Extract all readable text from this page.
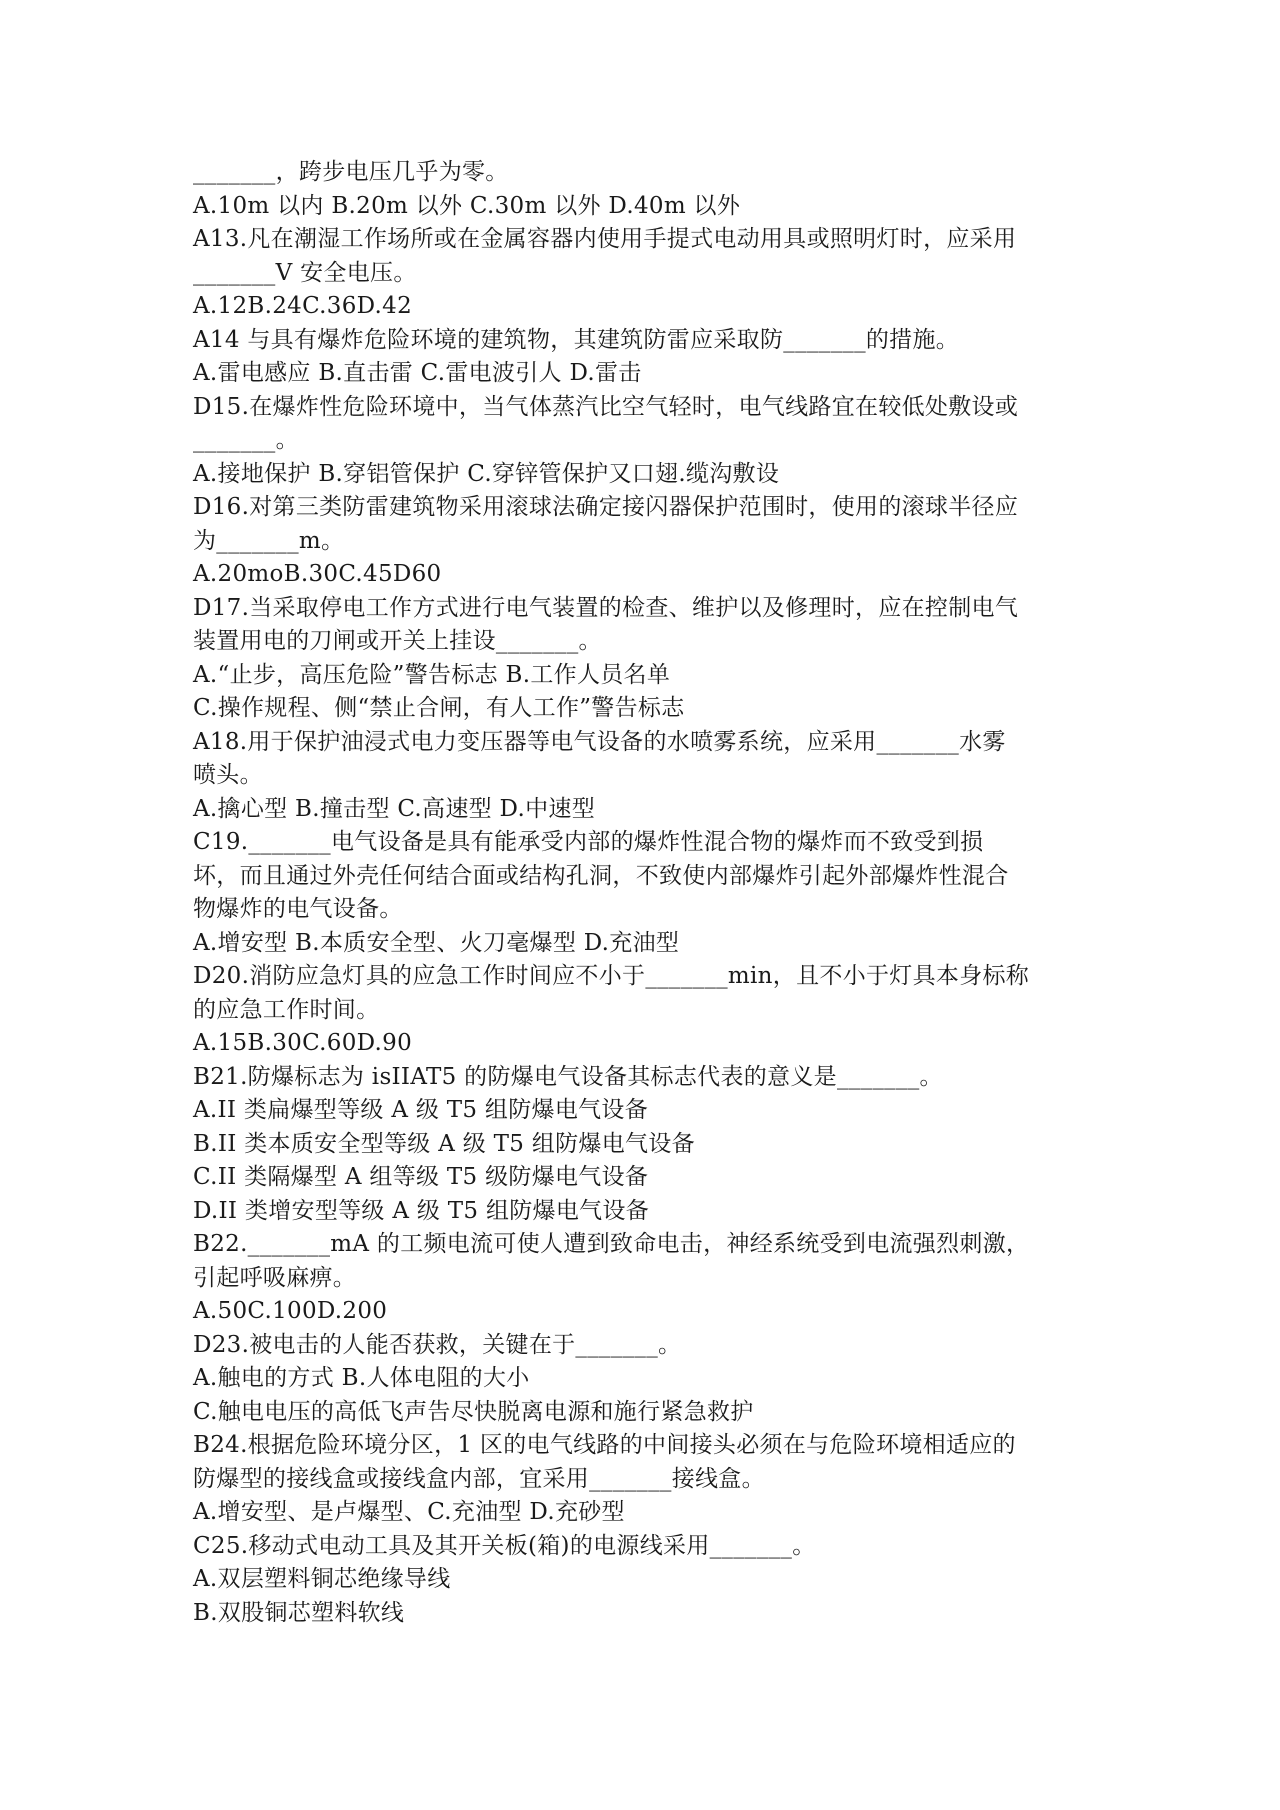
_______，跨步电压几乎为零。
A.10m 以内 B.20m 以外 C.30m 以外 D.40m 以外
A13.凡在潮湿工作场所或在金属容器内使用手提式电动用具或照明灯时，应采用
_______V 安全电压。
A.12B.24C.36D.42
A14 与具有爆炸危险环境的建筑物，其建筑防雷应采取防_______的措施。
A.雷电感应 B.直击雷 C.雷电波引人 D.雷击
D15.在爆炸性危险环境中，当气体蒸汽比空气轻时，电气线路宜在较低处敷设或
_______。
A.接地保护 B.穿铝管保护 C.穿锌管保护又口翅.缆沟敷设
D16.对第三类防雷建筑物采用滚球法确定接闪器保护范围时，使用的滚球半径应
为_______m。
A.20moB.30C.45D60
D17.当采取停电工作方式进行电气装置的检查、维护以及修理时，应在控制电气
装置用电的刀闸或开关上挂设_______。
A.“止步，高压危险”警告标志 B.工作人员名单
C.操作规程、侧“禁止合闸，有人工作”警告标志
A18.用于保护油浸式电力变压器等电气设备的水喷雾系统，应采用_______水雾
喷头。
A.擒心型 B.撞击型 C.高速型 D.中速型
C19._______电气设备是具有能承受内部的爆炸性混合物的爆炸而不致受到损
坏，而且通过外壳任何结合面或结构孔洞，不致使内部爆炸引起外部爆炸性混合
物爆炸的电气设备。
A.增安型 B.本质安全型、火刀毫爆型 D.充油型
D20.消防应急灯具的应急工作时间应不小于_______min，且不小于灯具本身标称
的应急工作时间。
A.15B.30C.60D.90
B21.防爆标志为 isIIAT5 的防爆电气设备其标志代表的意义是_______。
A.II 类扁爆型等级 A 级 T5 组防爆电气设备
B.II 类本质安全型等级 A 级 T5 组防爆电气设备
C.II 类隔爆型 A 组等级 T5 级防爆电气设备
D.II 类增安型等级 A 级 T5 组防爆电气设备
B22._______mA 的工频电流可使人遭到致命电击，神经系统受到电流强烈刺激，
引起呼吸麻痹。
A.50C.100D.200
D23.被电击的人能否获救，关键在于_______。
A.触电的方式 B.人体电阻的大小
C.触电电压的高低飞声告尽快脱离电源和施行紧急救护
B24.根据危险环境分区，1 区的电气线路的中间接头必须在与危险环境相适应的
防爆型的接线盒或接线盒内部，宜采用_______接线盒。
A.增安型、是卢爆型、C.充油型 D.充砂型
C25.移动式电动工具及其开关板(箱)的电源线采用_______。
A.双层塑料铜芯绝缘导线
B.双股铜芯塑料软线
